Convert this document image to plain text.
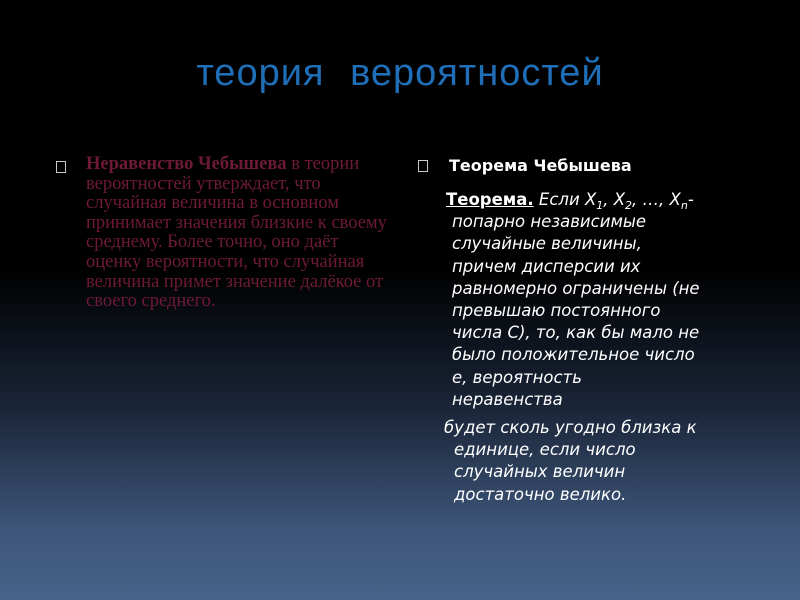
теория вероятностей
Неравенство Чебышева в теории вероятностей утверждает, что случайная величина в основном принимает значения близкие к своему среднему. Более точно, оно даёт оценку вероятности, что случайная величина примет значение далёкое от своего среднего.
Теорема Чебышева
Теорема. Если $X_1$, $X_2$, …, $X_n-$
попарно независимые
случайные величины,
причем дисперсии их
равномерно ограничены (не
превышаю постоянного
числа С), то, как бы мало не
было положительное число
е, вероятность
неравенства
будет сколь угодно близка к
единице, если число
случайных величин
достаточно велико.
